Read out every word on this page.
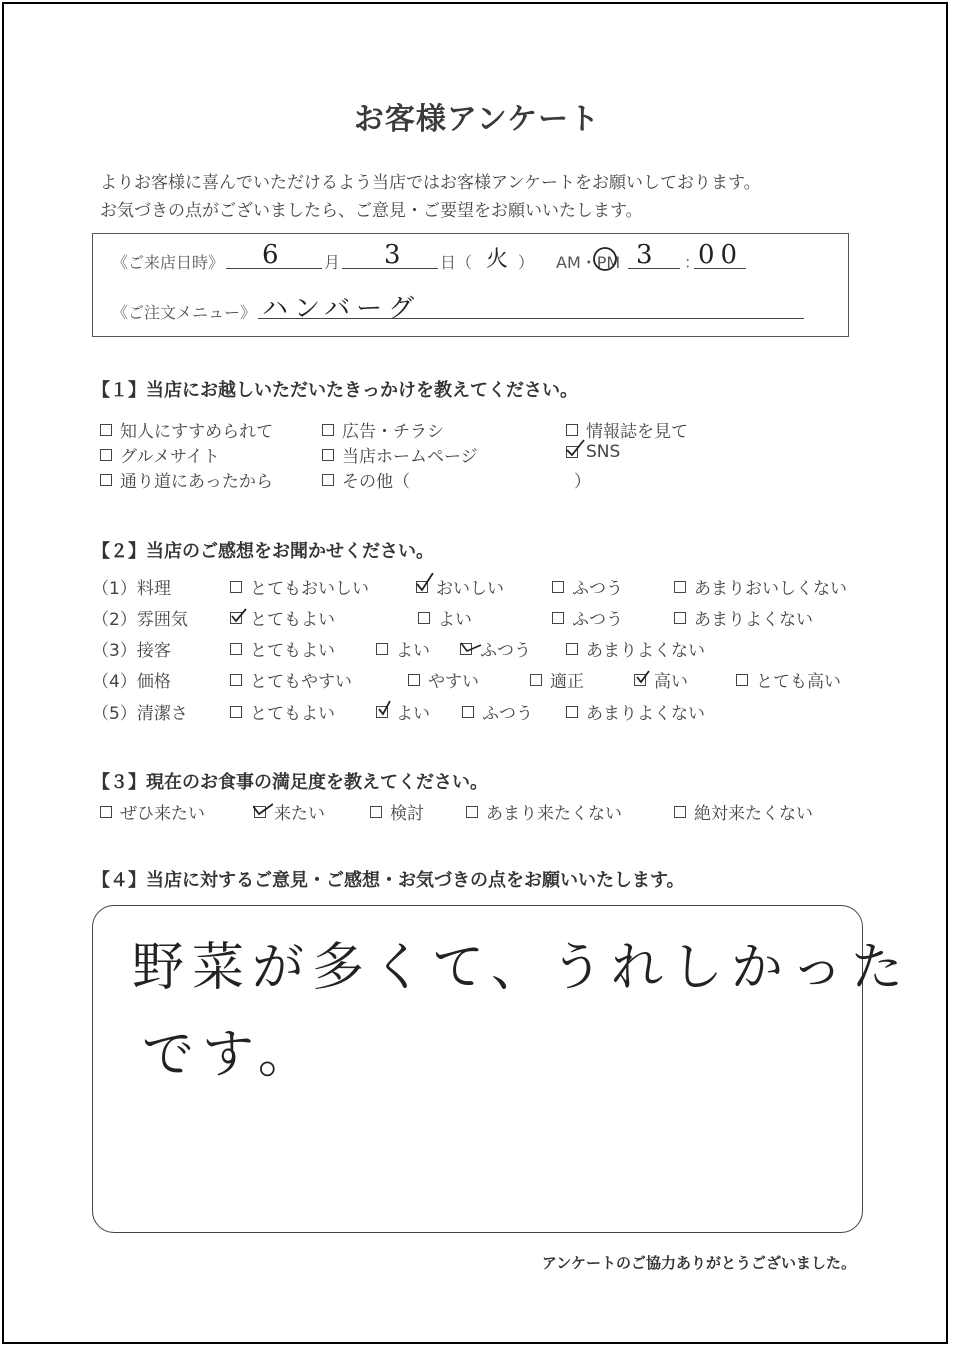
お客様アンケート
よりお客様に喜んでいただけるよう当店ではお客様アンケートをお願いしております。
お気づきの点がございましたら、ご意見・ご要望をお願いいたします。
《ご来店日時》 6 月 3 日（ 火 ） AM・PM 3 ：
00
《ご注文メニュー》 ハンバーグ
【１】当店にお越しいただいたきっかけを教えてください。
知人にすすめられて	広告・チラシ	情報誌を見て
グルメサイト	当店ホームページ	SNS
通り道にあったから	その他（	）
【２】当店のご感想をお聞かせください。
（1）料理	とてもおいしい	おいしい	ふつう	あまりおいしくない
（2）雰囲気	とてもよい	よい	ふつう	あまりよくない
（3）接客	とてもよい	よい	ふつう	あまりよくない
（4）価格	とてもやすい	やすい	適正	高い	とても高い
（5）清潔さ	とてもよい	よい	ふつう	あまりよくない
【３】現在のお食事の満足度を教えてください。
ぜひ来たい	来たい	検討	あまり来たくない	絶対来たくない
【４】当店に対するご意見・ご感想・お気づきの点をお願いいたします。
野菜が多くて、うれしかった
です。
アンケートのご協力ありがとうございました。
